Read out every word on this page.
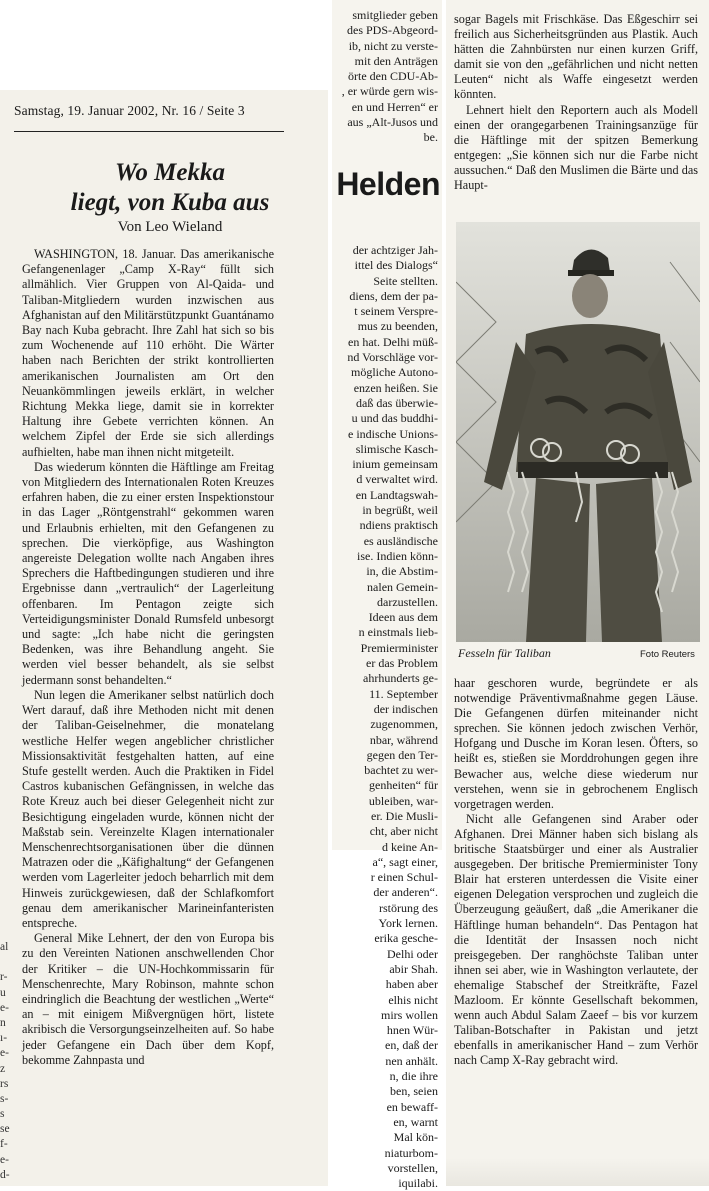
Samstag, 19. Januar 2002, Nr. 16 / Seite 3
Wo Mekka
liegt, von Kuba aus
Von Leo Wieland

WASHINGTON, 18. Januar. Das amerikanische Gefangenenlager „Camp X-Ray“ füllt sich allmählich. Vier Gruppen von Al-Qaida- und Taliban-Mitgliedern wurden inzwischen aus Afghanistan auf den Militärstützpunkt Guantánamo Bay nach Kuba gebracht. Ihre Zahl hat sich so bis zum Wochenende auf 110 erhöht. Die Wärter haben nach Berichten der strikt kontrollierten amerikanischen Journalisten am Ort den Neuankömmlingen jeweils erklärt, in welcher Richtung Mekka liege, damit sie in korrekter Haltung ihre Gebete verrichten können. An welchem Zipfel der Erde sie sich allerdings aufhielten, habe man ihnen nicht mitgeteilt.

Das wiederum könnten die Häftlinge am Freitag von Mitgliedern des Internationalen Roten Kreuzes erfahren haben, die zu einer ersten Inspektionstour in das Lager „Röntgenstrahl“ gekommen waren und Erlaubnis erhielten, mit den Gefangenen zu sprechen. Die vierköpfige, aus Washington angereiste Delegation wollte nach Angaben ihres Sprechers die Haftbedingungen studieren und ihre Ergebnisse dann „vertraulich“ der Lagerleitung offenbaren. Im Pentagon zeigte sich Verteidigungsminister Donald Rumsfeld unbesorgt und sagte: „Ich habe nicht die geringsten Bedenken, was ihre Behandlung angeht. Sie werden viel besser behandelt, als sie selbst jedermann sonst behandelten.“

Nun legen die Amerikaner selbst natürlich doch Wert darauf, daß ihre Methoden nicht mit denen der Taliban-Geiselnehmer, die monatelang westliche Helfer wegen angeblicher christlicher Missionsaktivität festgehalten hatten, auf eine Stufe gestellt werden. Auch die Praktiken in Fidel Castros kubanischen Gefängnissen, in welche das Rote Kreuz auch bei dieser Gelegenheit nicht zur Besichtigung eingeladen wurde, können nicht der Maßstab sein. Vereinzelte Klagen internationaler Menschenrechtsorganisationen über die dünnen Matrazen oder die „Käfighaltung“ der Gefangenen werden vom Lagerleiter jedoch beharrlich mit dem Hinweis zurückgewiesen, daß der Schlafkomfort genau dem amerikanischer Marineinfanteristen entspreche.

General Mike Lehnert, der den von Europa bis zu den Vereinten Nationen anschwellenden Chor der Kritiker – die UN-Hochkommissarin für Menschenrechte, Mary Robinson, mahnte schon eindringlich die Beachtung der westlichen „Werte“ an – mit einigem Mißvergnügen hört, listete akribisch die Versorgungseinzelheiten auf. So habe jeder Gefangene ein Dach über dem Kopf, bekomme Zahnpasta und

al
r-
u
e-
n
ı-
e-
z
rs
s-
s
se
f-
e-
d-
smitglieder geben
des PDS-Abgeord-
ib, nicht zu verste-
mit den Anträgen
örte den CDU-Ab-
, er würde gern wis-
en und Herren“ er
aus „Alt-Jusos und
be.
Helden
der achtziger Jah-
ittel des Dialogs“
Seite stellten.
diens, dem der pa-
t seinem Verspre-
mus zu beenden,
en hat. Delhi müß-
nd Vorschläge vor-
mögliche Autono-
enzen heißen. Sie
daß das überwie-
u und das buddhi-
e indische Unions-
slimische Kasch-
inium gemeinsam
d verwaltet wird.
en Landtagswah-
in begrüßt, weil
ndiens praktisch
es ausländische
ise. Indien könn-
in, die Abstim-
nalen Gemein-
darzustellen.
Ideen aus dem
n einstmals lieb-
Premierminister
er das Problem
ahrhunderts ge-
11. September
der indischen
zugenommen,
nbar, während
gegen den Ter-
bachtet zu wer-
genheiten“ für
ubleiben, war-
er. Die Musli-
cht, aber nicht
d keine An-
a“, sagt einer,
r einen Schul-
der anderen“.
rstörung des
York lernen.
erika gesche-
Delhi oder
abir Shah.
haben aber
elhis nicht
mirs wollen
hnen Wür-
en, daß der
nen anhält.
n, die ihre
ben, seien
en bewaff-
en, warnt
Mal kön-
niaturbom-
vorstellen,
iquilabi.

sogar Bagels mit Frischkäse. Das Eßgeschirr sei freilich aus Sicherheitsgründen aus Plastik. Auch hätten die Zahnbürsten nur einen kurzen Griff, damit sie von den „gefährlichen und nicht netten Leuten“ nicht als Waffe eingesetzt werden könnten.

Lehnert hielt den Reportern auch als Modell einen der orangegarbenen Trainingsanzüge für die Häftlinge mit der spitzen Bemerkung entgegen: „Sie können sich nur die Farbe nicht aussuchen.“ Daß den Muslimen die Bärte und das Haupt-

Fesseln für Taliban	Foto Reuters

haar geschoren wurde, begründete er als notwendige Präventivmaßnahme gegen Läuse. Die Gefangenen dürfen miteinander nicht sprechen. Sie können jedoch zwischen Verhör, Hofgang und Dusche im Koran lesen. Öfters, so heißt es, stießen sie Morddrohungen gegen ihre Bewacher aus, welche diese wiederum nur verstehen, wenn sie in gebrochenem Englisch vorgetragen werden.

Nicht alle Gefangenen sind Araber oder Afghanen. Drei Männer haben sich bislang als britische Staatsbürger und einer als Australier ausgegeben. Der britische Premierminister Tony Blair hat ersteren unterdessen die Visite einer eigenen Delegation versprochen und zugleich die Überzeugung geäußert, daß „die Amerikaner die Häftlinge human behandeln“. Das Pentagon hat die Identität der Insassen noch nicht preisgegeben. Der ranghöchste Taliban unter ihnen sei aber, wie in Washington verlautete, der ehemalige Stabschef der Streitkräfte, Fazel Mazloom. Er könnte Gesellschaft bekommen, wenn auch Abdul Salam Zaeef – bis vor kurzem Taliban-Botschafter in Pakistan und jetzt ebenfalls in amerikanischer Hand – zum Verhör nach Camp X-Ray gebracht wird.
